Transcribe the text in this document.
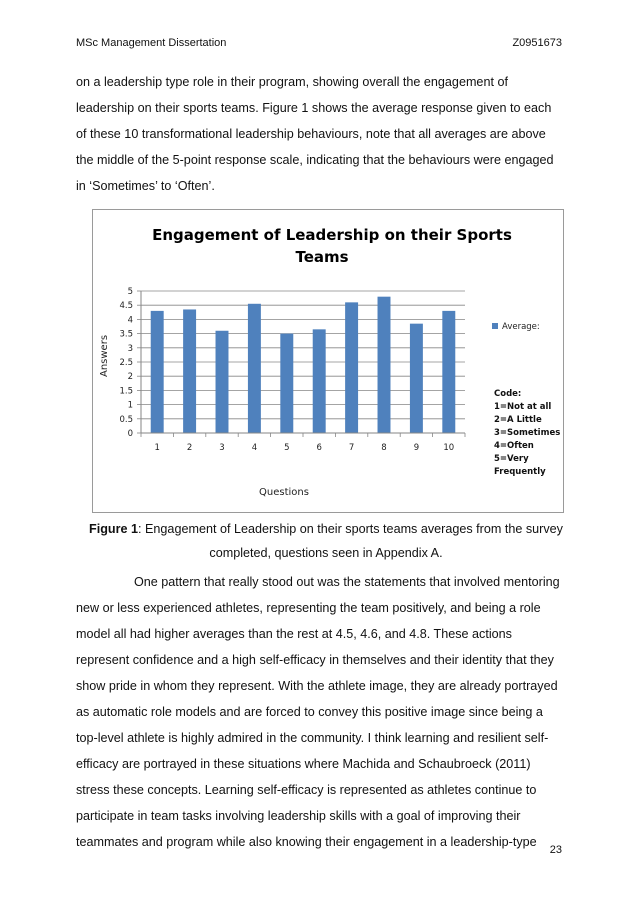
MSc Management Dissertation	Z0951673
on a leadership type role in their program, showing overall the engagement of
leadership on their sports teams. Figure 1 shows the average response given to each
of these 10 transformational leadership behaviours, note that all averages are above
the middle of the 5-point response scale, indicating that the behaviours were engaged
in ‘Sometimes’ to ‘Often’.
Engagement of Leadership on their Sports
Teams
0
0.5
1
1.5
2
2.5
3
3.5
4
4.5
5
1	2	3	4	5	6	7	8	9	10
Questions
Answers
Average:
Code:
1=Not at all
2=A Little
3=Sometimes
4=Often
5=Very
Frequently
Figure 1: Engagement of Leadership on their sports teams averages from the survey
completed, questions seen in Appendix A.
One pattern that really stood out was the statements that involved mentoring
new or less experienced athletes, representing the team positively, and being a role
model all had higher averages than the rest at 4.5, 4.6, and 4.8. These actions
represent confidence and a high self-efficacy in themselves and their identity that they
show pride in whom they represent. With the athlete image, they are already portrayed
as automatic role models and are forced to convey this positive image since being a
top-level athlete is highly admired in the community. I think learning and resilient self-
efficacy are portrayed in these situations where Machida and Schaubroeck (2011)
stress these concepts. Learning self-efficacy is represented as athletes continue to
participate in team tasks involving leadership skills with a goal of improving their
teammates and program while also knowing their engagement in a leadership-type
23
